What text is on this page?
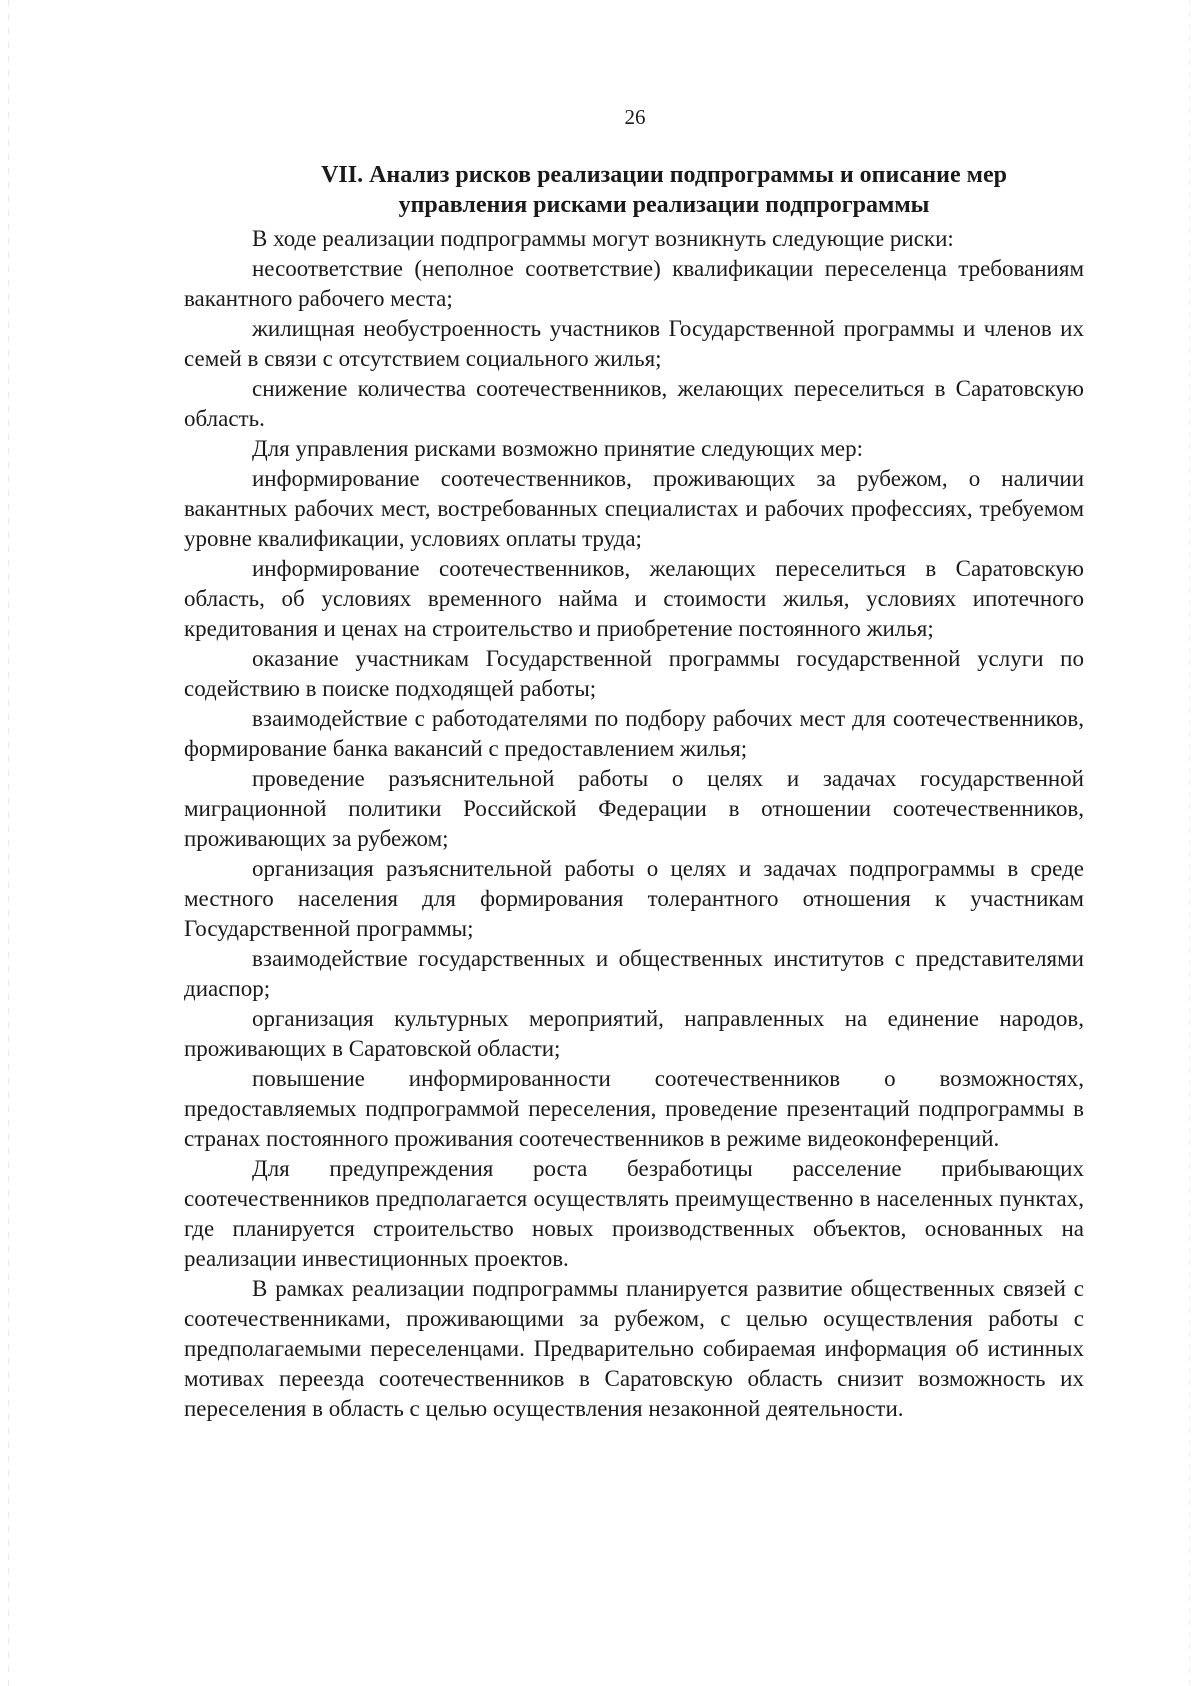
26
VII. Анализ рисков реализации подпрограммы и описание мер
управления рисками реализации подпрограммы

В ходе реализации подпрограммы могут возникнуть следующие риски:

несоответствие (неполное соответствие) квалификации переселенца требованиям вакантного рабочего места;

жилищная необустроенность участников Государственной программы и членов их семей в связи с отсутствием социального жилья;

снижение количества соотечественников, желающих переселиться в Саратовскую область.

Для управления рисками возможно принятие следующих мер:

информирование соотечественников, проживающих за рубежом, о наличии вакантных рабочих мест, востребованных специалистах и рабочих профессиях, требуемом уровне квалификации, условиях оплаты труда;

информирование соотечественников, желающих переселиться в Саратовскую область, об условиях временного найма и стоимости жилья, условиях ипотечного кредитования и ценах на строительство и приобретение постоянного жилья;

оказание участникам Государственной программы государственной услуги по содействию в поиске подходящей работы;

взаимодействие с работодателями по подбору рабочих мест для соотечественников, формирование банка вакансий с предоставлением жилья;

проведение разъяснительной работы о целях и задачах государственной миграционной политики Российской Федерации в отношении соотечественников, проживающих за рубежом;

организация разъяснительной работы о целях и задачах подпрограммы в среде местного населения для формирования толерантного отношения к участникам Государственной программы;

взаимодействие государственных и общественных институтов с представителями диаспор;

организация культурных мероприятий, направленных на единение народов, проживающих в Саратовской области;

повышение информированности соотечественников о возможностях, предоставляемых подпрограммой переселения, проведение презентаций подпрограммы в странах постоянного проживания соотечественников в режиме видеоконференций.

Для предупреждения роста безработицы расселение прибывающих соотечественников предполагается осуществлять преимущественно в населенных пунктах, где планируется строительство новых производственных объектов, основанных на реализации инвестиционных проектов.

В рамках реализации подпрограммы планируется развитие общественных связей с соотечественниками, проживающими за рубежом, с целью осуществления работы с предполагаемыми переселенцами. Предварительно собираемая информация об истинных мотивах переезда соотечественников в Саратовскую область снизит возможность их переселения в область с целью осуществления незаконной деятельности.
